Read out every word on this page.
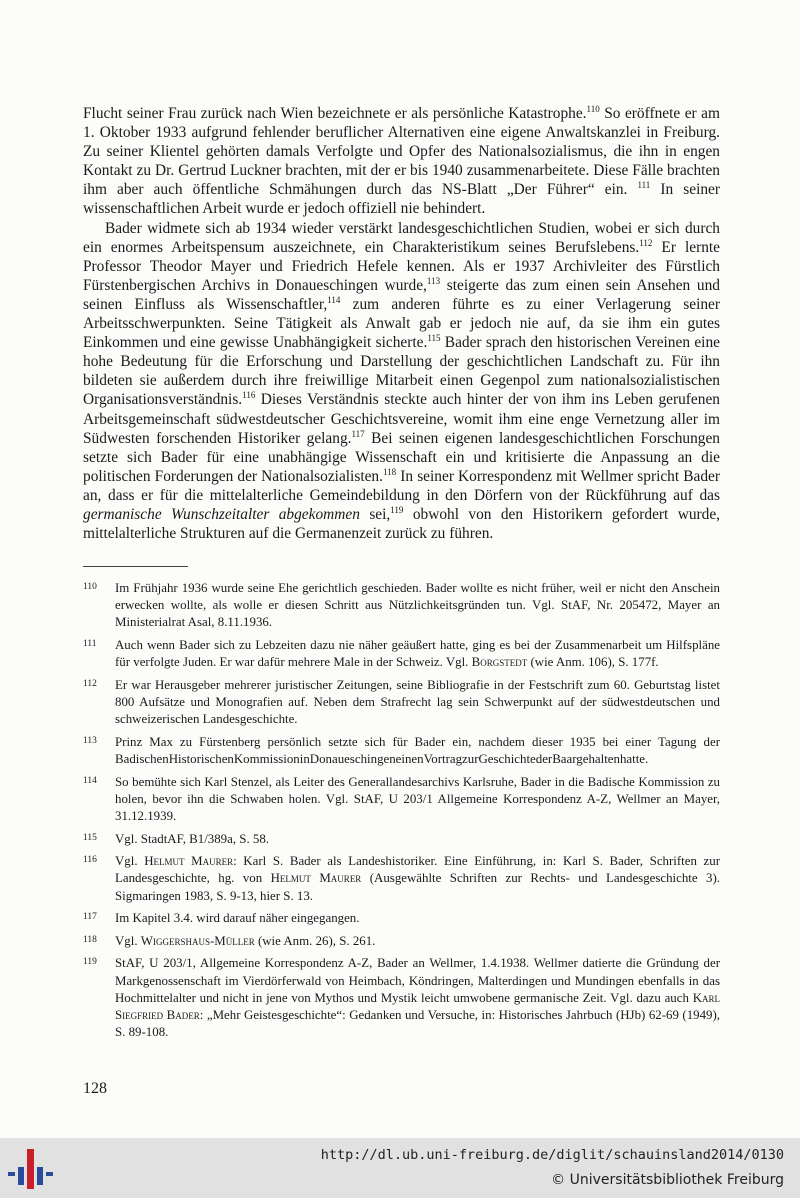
Flucht seiner Frau zurück nach Wien bezeichnete er als persönliche Katastrophe.$^{110}$ So eröffnete er am 1. Oktober 1933 aufgrund fehlender beruflicher Alternativen eine eigene Anwaltskanzlei in Freiburg. Zu seiner Klientel gehörten damals Verfolgte und Opfer des Nationalsozialismus, die ihn in engen Kontakt zu Dr. Gertrud Luckner brachten, mit der er bis 1940 zusammenarbeitete. Diese Fälle brachten ihm aber auch öffentliche Schmähungen durch das NS-Blatt „Der Führer“ ein. $^{111}$ In seiner wissenschaftlichen Arbeit wurde er jedoch offiziell nie behindert.

Bader widmete sich ab 1934 wieder verstärkt landesgeschichtlichen Studien, wobei er sich durch ein enormes Arbeitspensum auszeichnete, ein Charakteristikum seines Berufslebens.$^{112}$ Er lernte Professor Theodor Mayer und Friedrich Hefele kennen. Als er 1937 Archivleiter des Fürstlich Fürstenbergischen Archivs in Donaueschingen wurde,$^{113}$ steigerte das zum einen sein Ansehen und seinen Einfluss als Wissenschaftler,$^{114}$ zum anderen führte es zu einer Verlagerung seiner Arbeitsschwerpunkten. Seine Tätigkeit als Anwalt gab er jedoch nie auf, da sie ihm ein gutes Einkommen und eine gewisse Unabhängigkeit sicherte.$^{115}$ Bader sprach den historischen Vereinen eine hohe Bedeutung für die Erforschung und Darstellung der geschichtlichen Landschaft zu. Für ihn bildeten sie außerdem durch ihre freiwillige Mitarbeit einen Gegenpol zum nationalsozialistischen Organisationsverständnis.$^{116}$ Dieses Verständnis steckte auch hinter der von ihm ins Leben gerufenen Arbeitsgemeinschaft südwestdeutscher Geschichtsvereine, womit ihm eine enge Vernetzung aller im Südwesten forschenden Historiker gelang.$^{117}$ Bei seinen eigenen landesgeschichtlichen Forschungen setzte sich Bader für eine unabhängige Wissenschaft ein und kritisierte die Anpassung an die politischen Forderungen der Nationalsozialisten.$^{118}$ In seiner Korrespondenz mit Wellmer spricht Bader an, dass er für die mittelalterliche Gemeindebildung in den Dörfern von der Rückführung auf das germanische Wunschzeitalter abgekommen sei,$^{119}$ obwohl von den Historikern gefordert wurde, mittelalterliche Strukturen auf die Germanenzeit zurück zu führen.

110	Im Frühjahr 1936 wurde seine Ehe gerichtlich geschieden. Bader wollte es nicht früher, weil er nicht den Anschein erwecken wollte, als wolle er diesen Schritt aus Nützlichkeitsgründen tun. Vgl. StAF, Nr. 205472, Mayer an Ministerialrat Asal, 8.11.1936.
111	Auch wenn Bader sich zu Lebzeiten dazu nie näher geäußert hatte, ging es bei der Zusammenarbeit um Hilfspläne für verfolgte Juden. Er war dafür mehrere Male in der Schweiz. Vgl. Borgstedt (wie Anm. 106), S. 177f.
112	Er war Herausgeber mehrerer juristischer Zeitungen, seine Bibliografie in der Festschrift zum 60. Geburtstag listet 800 Aufsätze und Monografien auf. Neben dem Strafrecht lag sein Schwerpunkt auf der südwestdeutschen und schweizerischen Landesgeschichte.
113	Prinz Max zu Fürstenberg persönlich setzte sich für Bader ein, nachdem dieser 1935 bei einer Tagung der BadischenHistorischenKommissioninDonaueschingeneinenVortragzurGeschichtederBaargehaltenhatte.
114	So bemühte sich Karl Stenzel, als Leiter des Generallandesarchivs Karlsruhe, Bader in die Badische Kommission zu holen, bevor ihn die Schwaben holen. Vgl. StAF, U 203/1 Allgemeine Korrespondenz A-Z, Wellmer an Mayer, 31.12.1939.
115	Vgl. StadtAF, B1/389a, S. 58.
116	Vgl. Helmut Maurer: Karl S. Bader als Landeshistoriker. Eine Einführung, in: Karl S. Bader, Schriften zur Landesgeschichte, hg. von Helmut Maurer (Ausgewählte Schriften zur Rechts- und Landesgeschichte 3). Sigmaringen 1983, S. 9-13, hier S. 13.
117	Im Kapitel 3.4. wird darauf näher eingegangen.
118	Vgl. Wiggershaus-Müller (wie Anm. 26), S. 261.
119	StAF, U 203/1, Allgemeine Korrespondenz A-Z, Bader an Wellmer, 1.4.1938. Wellmer datierte die Gründung der Markgenossenschaft im Vierdörferwald von Heimbach, Köndringen, Malterdingen und Mundingen ebenfalls in das Hochmittelalter und nicht in jene von Mythos und Mystik leicht umwobene germanische Zeit. Vgl. dazu auch Karl Siegfried Bader: „Mehr Geistesgeschichte“: Gedanken und Versuche, in: Historisches Jahrbuch (HJb) 62-69 (1949), S. 89-108.
128
http://dl.ub.uni-freiburg.de/diglit/schauinsland2014/0130
© Universitätsbibliothek Freiburg
